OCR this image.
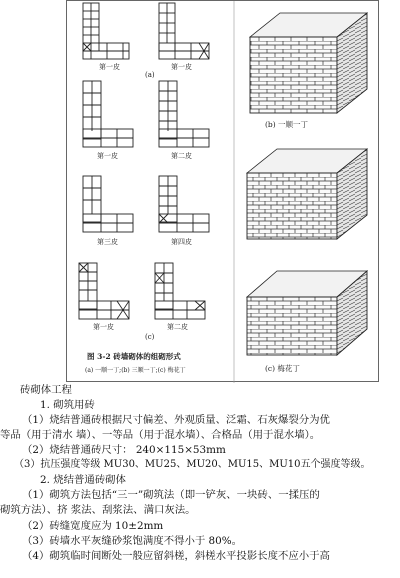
第一皮	第一皮
(a)
第一皮	第二皮
第三皮	第四皮
第一皮	第二皮
(c)
图 3-2 砖墙砌体的组砌形式
(a) 一顺一丁;(b) 三顺一丁;(c) 梅花丁
(b) 一顺一丁
(c) 梅花丁
砖砌体工程
1. 砌筑用砖
（1）烧结普通砖根据尺寸偏差、外观质量、泛霜、石灰爆裂分为优
等品（用于清水 墙）、一等品（用于混水墙）、合格品（用于混水墙）。
（2）烧结普通砖尺寸： 240×115×53mm
（3）抗压强度等级 MU30、MU25、MU20、MU15、MU10五个强度等级。
2. 烧结普通砖砌体
（1）砌筑方法包括“三一”砌筑法（即一铲灰、一块砖、一揉压的
砌筑方法）、挤 浆法、刮浆法、满口灰法。
（2）砖缝宽度应为 10±2mm
（3）砖墙水平灰缝砂浆饱满度不得小于 80%。
（4）砌筑临时间断处一般应留斜槎，斜槎水平投影长度不应小于高
